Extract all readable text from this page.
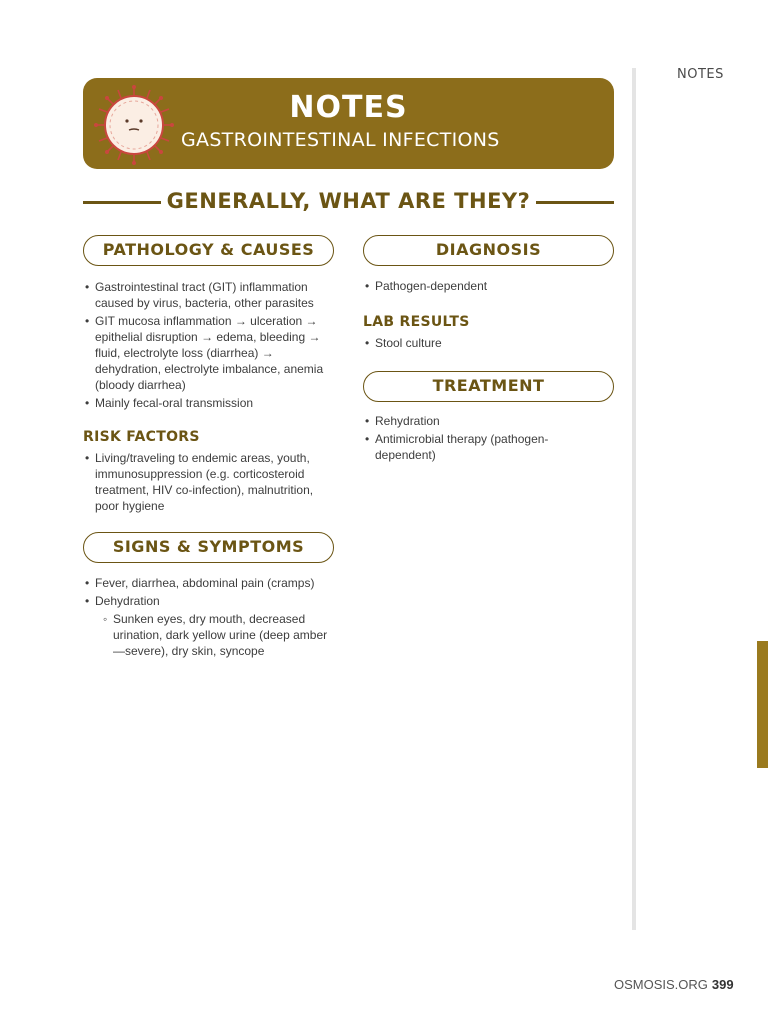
NOTES
NOTES
GASTROINTESTINAL INFECTIONS
GENERALLY, WHAT ARE THEY?
PATHOLOGY & CAUSES
• Gastrointestinal tract (GIT) inflammation caused by virus, bacteria, other parasites
• GIT mucosa inflammation → ulceration → epithelial disruption → edema, bleeding → fluid, electrolyte loss (diarrhea) → dehydration, electrolyte imbalance, anemia (bloody diarrhea)
• Mainly fecal-oral transmission
RISK FACTORS
• Living/traveling to endemic areas, youth, immunosuppression (e.g. corticosteroid treatment, HIV co-infection), malnutrition, poor hygiene
SIGNS & SYMPTOMS
• Fever, diarrhea, abdominal pain (cramps)
• Dehydration
◦ Sunken eyes, dry mouth, decreased urination, dark yellow urine (deep amber—severe), dry skin, syncope
DIAGNOSIS
• Pathogen-dependent
LAB RESULTS
• Stool culture
TREATMENT
• Rehydration
• Antimicrobial therapy (pathogen-dependent)
OSMOSIS.ORG 399
